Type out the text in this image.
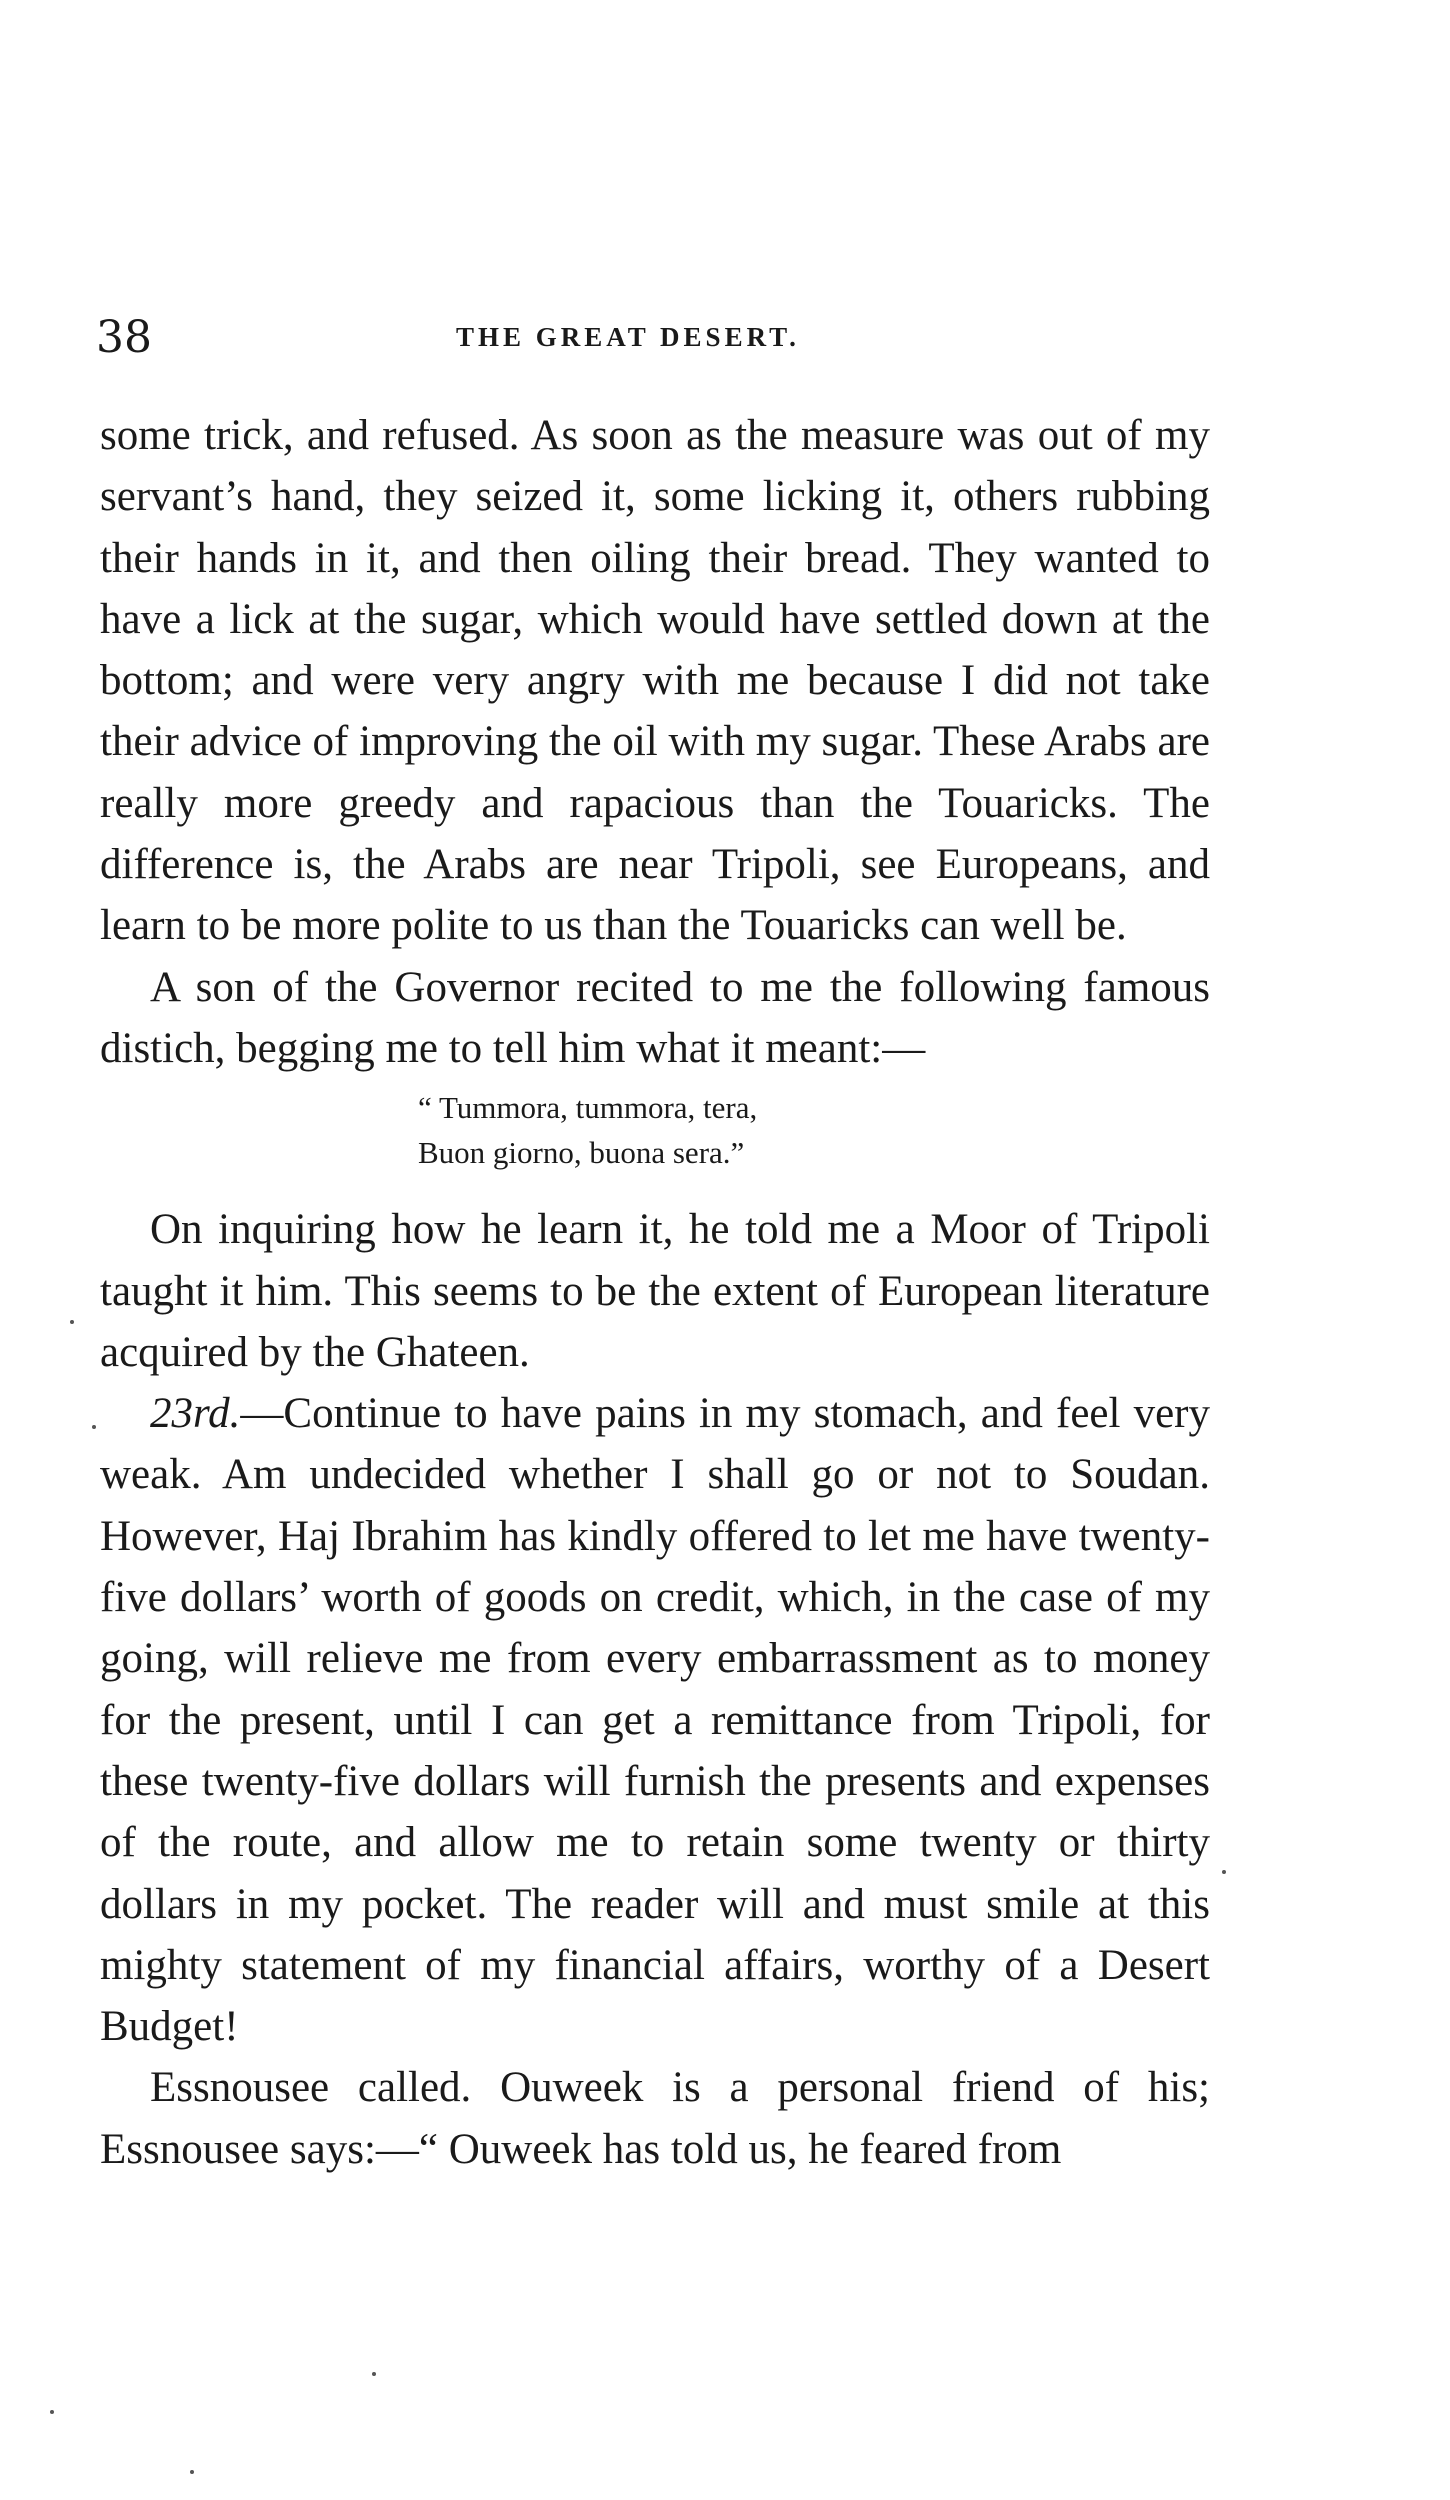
38	THE GREAT DESERT.

some trick, and refused. As soon as the measure was out of my servant’s hand, they seized it, some licking it, others rubbing their hands in it, and then oiling their bread. They wanted to have a lick at the sugar, which would have settled down at the bottom; and were very angry with me because I did not take their advice of improving the oil with my sugar. These Arabs are really more greedy and rapacious than the Touaricks. The difference is, the Arabs are near Tripoli, see Europeans, and learn to be more polite to us than the Touaricks can well be.

A son of the Governor recited to me the following famous distich, begging me to tell him what it meant:—

“ Tummora, tummora, tera,
Buon giorno, buona sera.”

On inquiring how he learn it, he told me a Moor of Tripoli taught it him. This seems to be the extent of European literature acquired by the Ghateen.

23rd.—Continue to have pains in my stomach, and feel very weak. Am undecided whether I shall go or not to Soudan. However, Haj Ibrahim has kindly offered to let me have twenty-five dollars’ worth of goods on credit, which, in the case of my going, will relieve me from every embarrassment as to money for the present, until I can get a remittance from Tripoli, for these twenty-five dollars will furnish the presents and expenses of the route, and allow me to retain some twenty or thirty dollars in my pocket. The reader will and must smile at this mighty statement of my financial affairs, worthy of a Desert Budget!

Essnousee called. Ouweek is a personal friend of his; Essnousee says:—“ Ouweek has told us, he feared from
